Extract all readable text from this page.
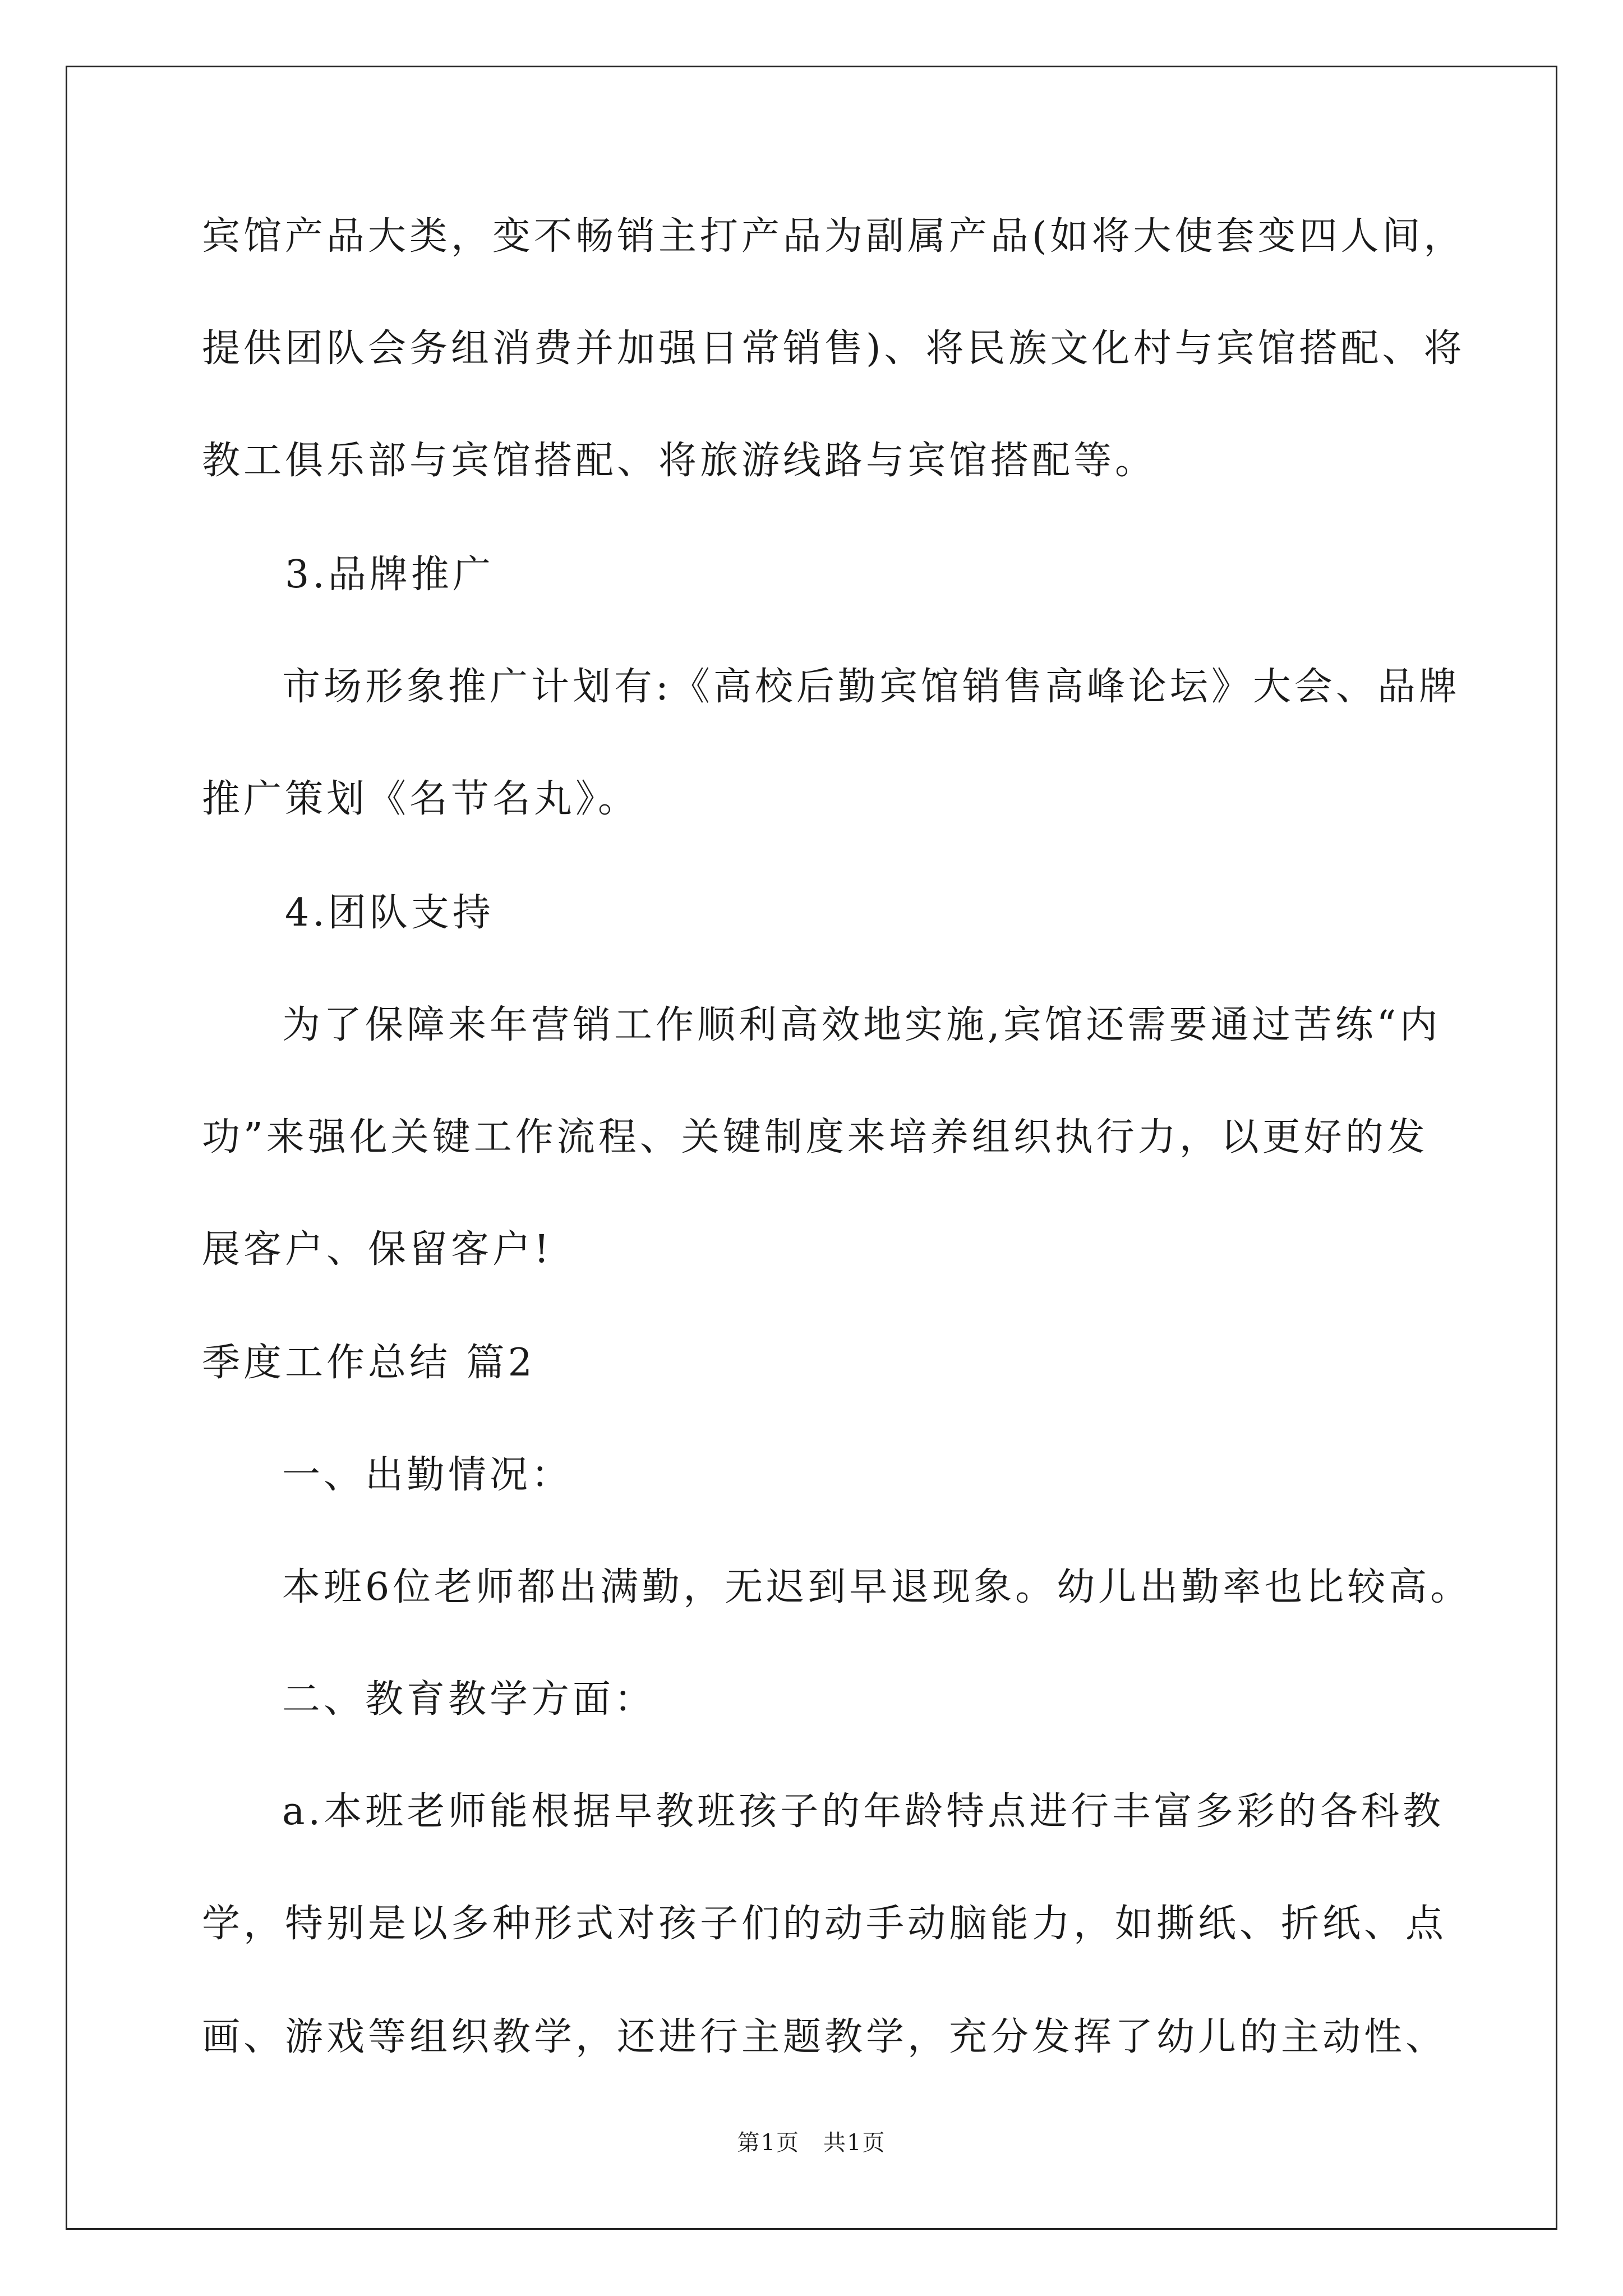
宾馆产品大类，变不畅销主打产品为副属产品(如将大使套变四人间，
提供团队会务组消费并加强日常销售)、将民族文化村与宾馆搭配、将
教工俱乐部与宾馆搭配、将旅游线路与宾馆搭配等。
3.品牌推广
市场形象推广计划有:《高校后勤宾馆销售高峰论坛》大会、品牌
推广策划《名节名丸》。
4.团队支持
为了保障来年营销工作顺利高效地实施,宾馆还需要通过苦练“内
功”来强化关键工作流程、关键制度来培养组织执行力，以更好的发
展客户、保留客户!
季度工作总结 篇2
一、出勤情况：
本班6位老师都出满勤，无迟到早退现象。幼儿出勤率也比较高。
二、教育教学方面：
a.本班老师能根据早教班孩子的年龄特点进行丰富多彩的各科教
学，特别是以多种形式对孩子们的动手动脑能力，如撕纸、折纸、点
画、游戏等组织教学，还进行主题教学，充分发挥了幼儿的主动性、
第1页　共1页
